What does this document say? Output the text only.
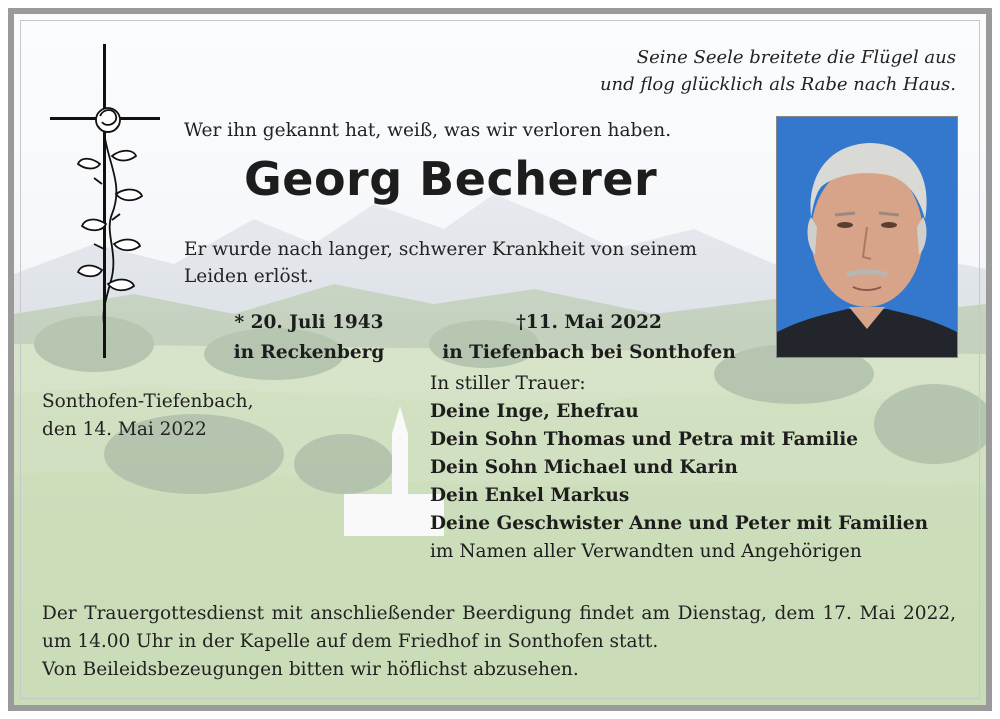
Seine Seele breitete die Flügel aus
und flog glücklich als Rabe nach Haus.
Wer ihn gekannt hat, weiß, was wir verloren haben.
Georg Becherer
Er wurde nach langer, schwerer Krankheit von seinem
Leiden erlöst.
* 20. Juli 1943
in Reckenberg
†11. Mai 2022
in Tiefenbach bei Sonthofen
Sonthofen-Tiefenbach,
den 14. Mai 2022
In stiller Trauer:
Deine Inge, Ehefrau
Dein Sohn Thomas und Petra mit Familie
Dein Sohn Michael und Karin
Dein Enkel Markus
Deine Geschwister Anne und Peter mit Familien
im Namen aller Verwandten und Angehörigen
Der Trauergottesdienst mit anschließender Beerdigung findet am Dienstag, dem 17. Mai 2022, um 14.00 Uhr in der Kapelle auf dem Friedhof in Sonthofen statt.
Von Beileidsbezeugungen bitten wir höflichst abzusehen.
